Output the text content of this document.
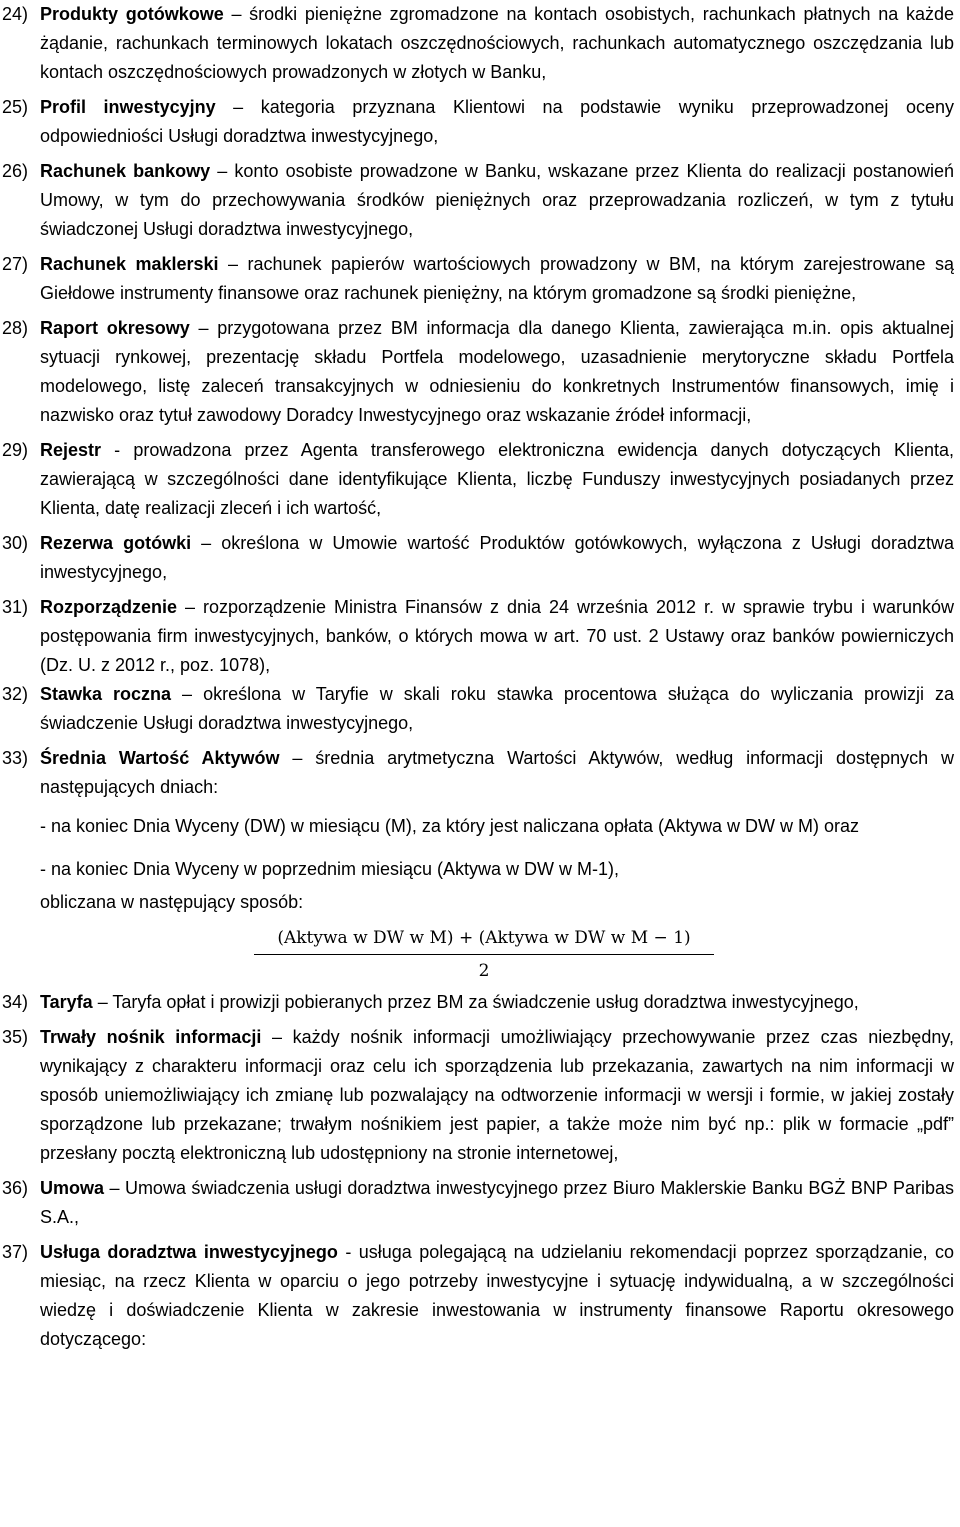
24) Produkty gotówkowe – środki pieniężne zgromadzone na kontach osobistych, rachunkach płatnych na każde żądanie, rachunkach terminowych lokatach oszczędnościowych, rachunkach automatycznego oszczędzania lub kontach oszczędnościowych prowadzonych w złotych w Banku,
25) Profil inwestycyjny – kategoria przyznana Klientowi na podstawie wyniku przeprowadzonej oceny odpowiedniości Usługi doradztwa inwestycyjnego,
26) Rachunek bankowy – konto osobiste prowadzone w Banku, wskazane przez Klienta do realizacji postanowień Umowy, w tym do przechowywania środków pieniężnych oraz przeprowadzania rozliczeń, w tym z tytułu świadczonej Usługi doradztwa inwestycyjnego,
27) Rachunek maklerski – rachunek papierów wartościowych prowadzony w BM, na którym zarejestrowane są Giełdowe instrumenty finansowe oraz rachunek pieniężny, na którym gromadzone są środki pieniężne,
28) Raport okresowy – przygotowana przez BM informacja dla danego Klienta, zawierająca m.in. opis aktualnej sytuacji rynkowej, prezentację składu Portfela modelowego, uzasadnienie merytoryczne składu Portfela modelowego, listę zaleceń transakcyjnych w odniesieniu do konkretnych Instrumentów finansowych, imię i nazwisko oraz tytuł zawodowy Doradcy Inwestycyjnego oraz wskazanie źródeł informacji,
29) Rejestr - prowadzona przez Agenta transferowego elektroniczna ewidencja danych dotyczących Klienta, zawierającą w szczególności dane identyfikujące Klienta, liczbę Funduszy inwestycyjnych posiadanych przez Klienta, datę realizacji zleceń i ich wartość,
30) Rezerwa gotówki – określona w Umowie wartość Produktów gotówkowych, wyłączona z Usługi doradztwa inwestycyjnego,
31) Rozporządzenie – rozporządzenie Ministra Finansów z dnia 24 września 2012 r. w sprawie trybu i warunków postępowania firm inwestycyjnych, banków, o których mowa w art. 70 ust. 2 Ustawy oraz banków powierniczych (Dz. U. z 2012 r., poz. 1078),
32) Stawka roczna – określona w Taryfie w skali roku stawka procentowa służąca do wyliczania prowizji za świadczenie Usługi doradztwa inwestycyjnego,
33) Średnia Wartość Aktywów – średnia arytmetyczna Wartości Aktywów, według informacji dostępnych w następujących dniach:

- na koniec Dnia Wyceny (DW) w miesiącu (M), za który jest naliczana opłata (Aktywa w DW w M) oraz

- na koniec Dnia Wyceny w poprzednim miesiącu (Aktywa w DW w M-1),

obliczana w następujący sposób:

(Aktywa w DW w M) + (Aktywa w DW w M − 1)
2
34) Taryfa – Taryfa opłat i prowizji pobieranych przez BM za świadczenie usług doradztwa inwestycyjnego,
35) Trwały nośnik informacji – każdy nośnik informacji umożliwiający przechowywanie przez czas niezbędny, wynikający z charakteru informacji oraz celu ich sporządzenia lub przekazania, zawartych na nim informacji w sposób uniemożliwiający ich zmianę lub pozwalający na odtworzenie informacji w wersji i formie, w jakiej zostały sporządzone lub przekazane; trwałym nośnikiem jest papier, a także może nim być np.: plik w formacie „pdf” przesłany pocztą elektroniczną lub udostępniony na stronie internetowej,
36) Umowa – Umowa świadczenia usługi doradztwa inwestycyjnego przez Biuro Maklerskie Banku BGŻ BNP Paribas S.A.,
37) Usługa doradztwa inwestycyjnego - usługa polegającą na udzielaniu rekomendacji poprzez sporządzanie, co miesiąc, na rzecz Klienta w oparciu o jego potrzeby inwestycyjne i sytuację indywidualną, a w szczególności wiedzę i doświadczenie Klienta w zakresie inwestowania w instrumenty finansowe Raportu okresowego dotyczącego:
